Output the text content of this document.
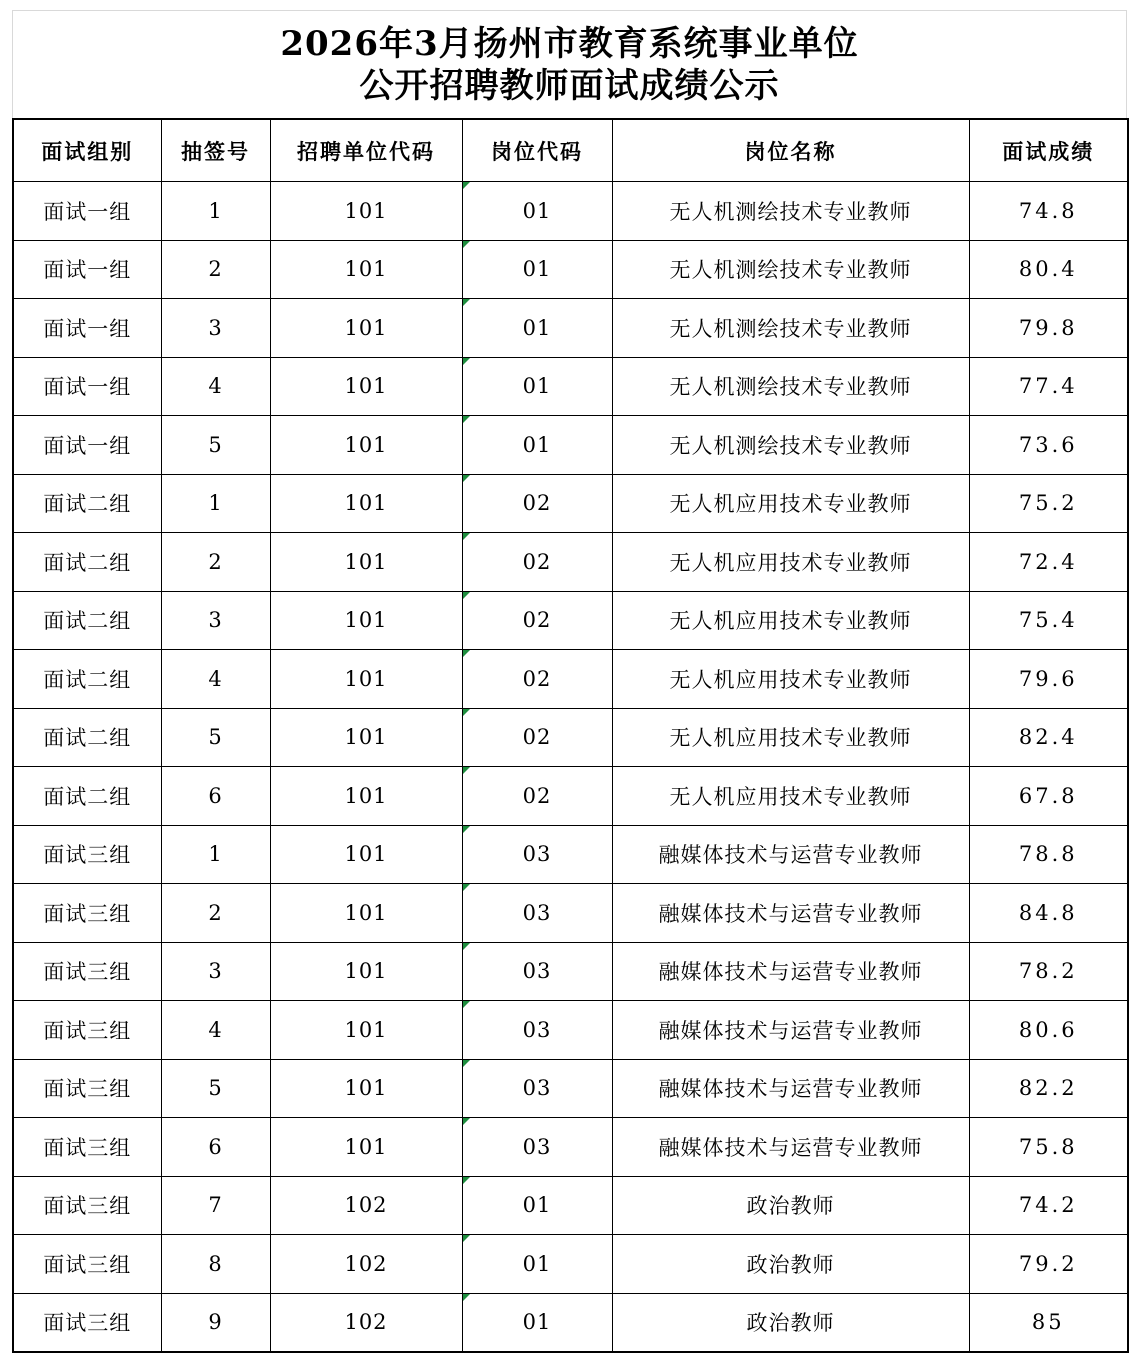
2026年3月扬州市教育系统事业单位
公开招聘教师面试成绩公示
面试组别	抽签号	招聘单位代码	岗位代码	岗位名称	面试成绩
面试一组	1	101	01	无人机测绘技术专业教师	74.8
面试一组	2	101	01	无人机测绘技术专业教师	80.4
面试一组	3	101	01	无人机测绘技术专业教师	79.8
面试一组	4	101	01	无人机测绘技术专业教师	77.4
面试一组	5	101	01	无人机测绘技术专业教师	73.6
面试二组	1	101	02	无人机应用技术专业教师	75.2
面试二组	2	101	02	无人机应用技术专业教师	72.4
面试二组	3	101	02	无人机应用技术专业教师	75.4
面试二组	4	101	02	无人机应用技术专业教师	79.6
面试二组	5	101	02	无人机应用技术专业教师	82.4
面试二组	6	101	02	无人机应用技术专业教师	67.8
面试三组	1	101	03	融媒体技术与运营专业教师	78.8
面试三组	2	101	03	融媒体技术与运营专业教师	84.8
面试三组	3	101	03	融媒体技术与运营专业教师	78.2
面试三组	4	101	03	融媒体技术与运营专业教师	80.6
面试三组	5	101	03	融媒体技术与运营专业教师	82.2
面试三组	6	101	03	融媒体技术与运营专业教师	75.8
面试三组	7	102	01	政治教师	74.2
面试三组	8	102	01	政治教师	79.2
面试三组	9	102	01	政治教师	85
